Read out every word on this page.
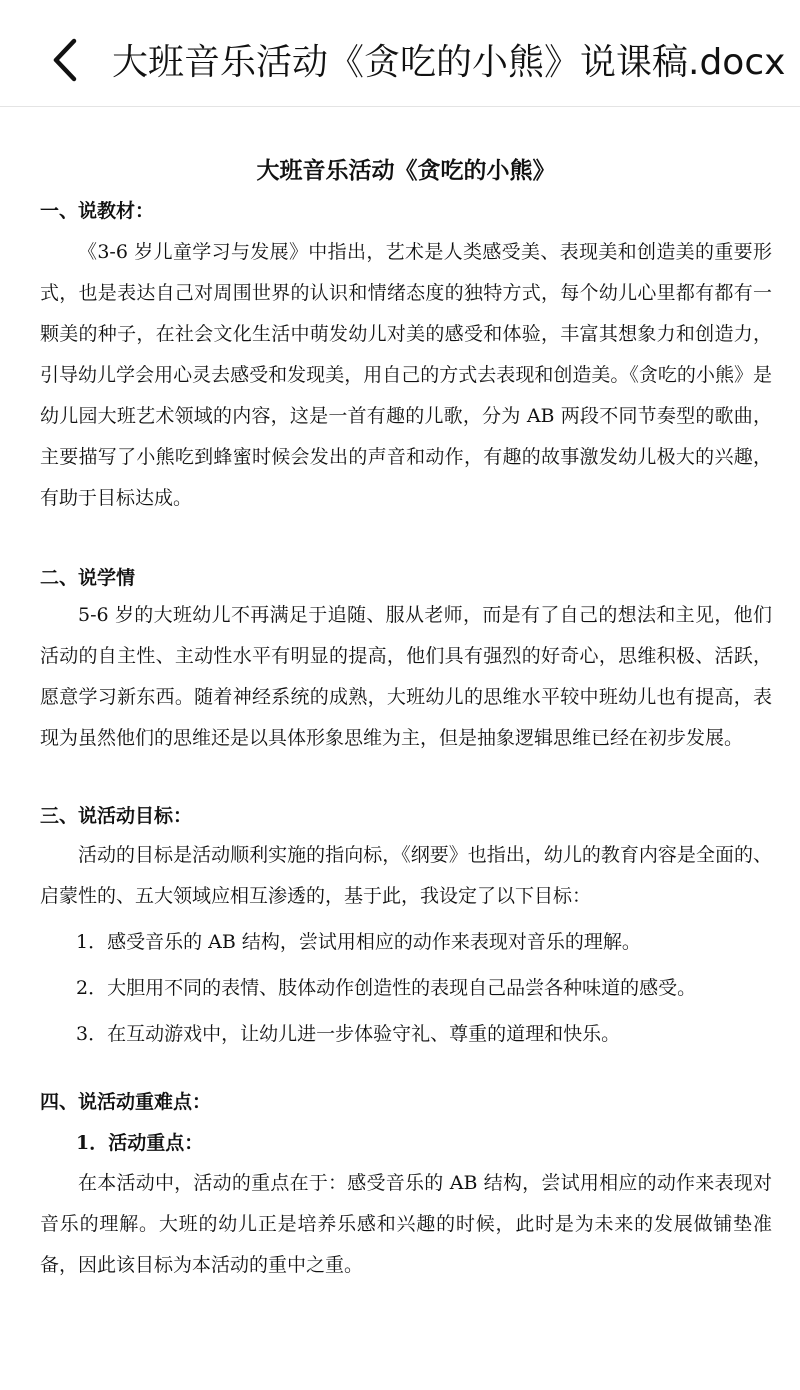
大班音乐活动《贪吃的小熊》说课稿.docx
大班音乐活动《贪吃的小熊》

一、说教材：

《3-6 岁儿童学习与发展》中指出，艺术是人类感受美、表现美和创造美的重要形式，也是表达自己对周围世界的认识和情绪态度的独特方式，每个幼儿心里都有都有一颗美的种子，在社会文化生活中萌发幼儿对美的感受和体验，丰富其想象力和创造力，引导幼儿学会用心灵去感受和发现美，用自己的方式去表现和创造美。《贪吃的小熊》是幼儿园大班艺术领域的内容，这是一首有趣的儿歌，分为 AB 两段不同节奏型的歌曲，主要描写了小熊吃到蜂蜜时候会发出的声音和动作，有趣的故事激发幼儿极大的兴趣，有助于目标达成。

二、说学情

5-6 岁的大班幼儿不再满足于追随、服从老师，而是有了自己的想法和主见，他们活动的自主性、主动性水平有明显的提高，他们具有强烈的好奇心，思维积极、活跃，愿意学习新东西。随着神经系统的成熟，大班幼儿的思维水平较中班幼儿也有提高，表现为虽然他们的思维还是以具体形象思维为主，但是抽象逻辑思维已经在初步发展。

三、说活动目标：

活动的目标是活动顺利实施的指向标，《纲要》也指出，幼儿的教育内容是全面的、启蒙性的、五大领域应相互渗透的，基于此，我设定了以下目标：

1．感受音乐的 AB 结构，尝试用相应的动作来表现对音乐的理解。

2．大胆用不同的表情、肢体动作创造性的表现自己品尝各种味道的感受。

3．在互动游戏中，让幼儿进一步体验守礼、尊重的道理和快乐。

四、说活动重难点：

1．活动重点：

在本活动中，活动的重点在于：感受音乐的 AB 结构，尝试用相应的动作来表现对音乐的理解。大班的幼儿正是培养乐感和兴趣的时候，此时是为未来的发展做铺垫准备，因此该目标为本活动的重中之重。
